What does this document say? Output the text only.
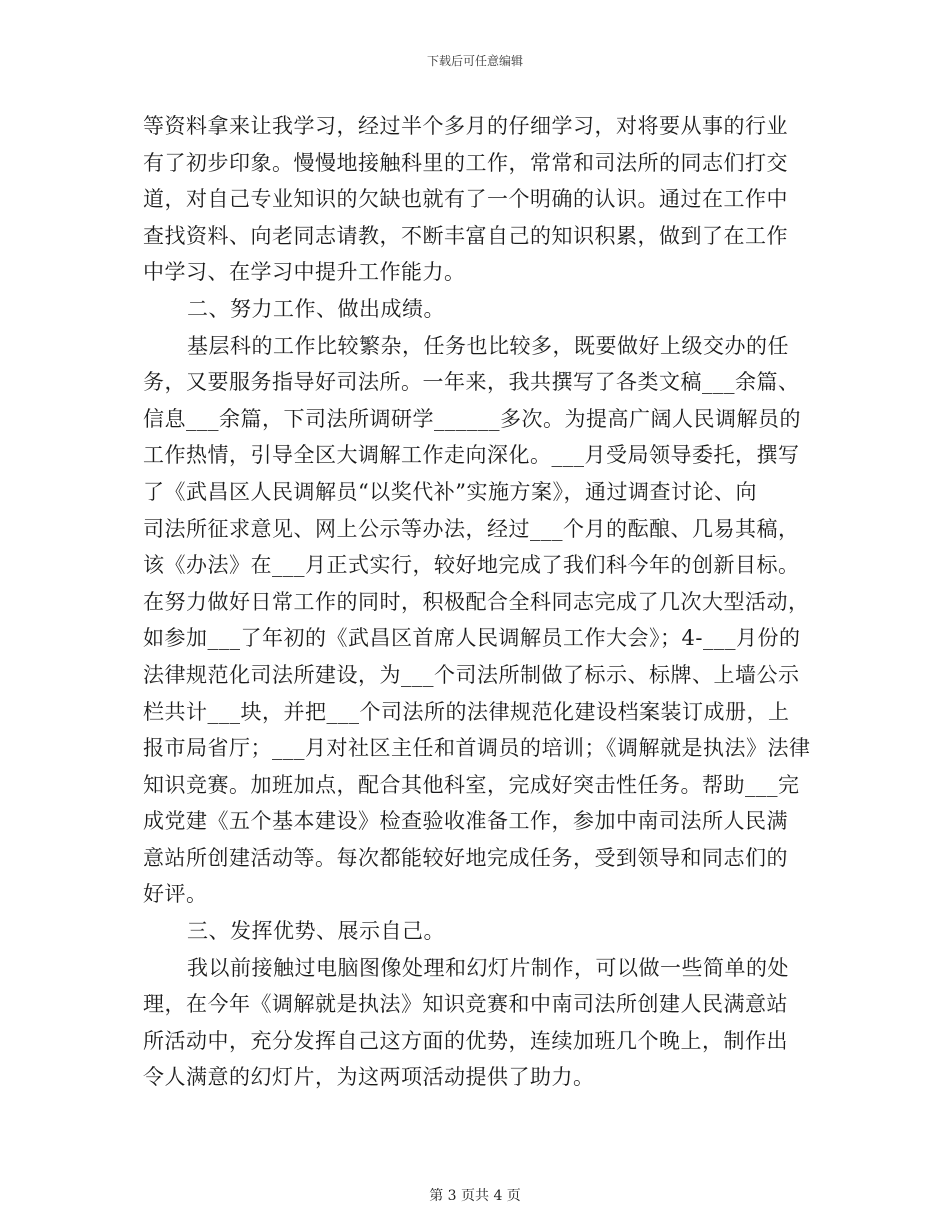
下载后可任意编辑
等资料拿来让我学习，经过半个多月的仔细学习，对将要从事的行业
有了初步印象。慢慢地接触科里的工作，常常和司法所的同志们打交
道，对自己专业知识的欠缺也就有了一个明确的认识。通过在工作中
查找资料、向老同志请教，不断丰富自己的知识积累，做到了在工作
中学习、在学习中提升工作能力。
二、努力工作、做出成绩。
基层科的工作比较繁杂，任务也比较多，既要做好上级交办的任
务，又要服务指导好司法所。一年来，我共撰写了各类文稿___余篇、
信息___余篇，下司法所调研学______多次。为提高广阔人民调解员的
工作热情，引导全区大调解工作走向深化。___月受局领导委托，撰写
了《武昌区人民调解员“以奖代补”实施方案》，通过调查讨论、向
司法所征求意见、网上公示等办法，经过___个月的酝酿、几易其稿，
该《办法》在___月正式实行，较好地完成了我们科今年的创新目标。
在努力做好日常工作的同时，积极配合全科同志完成了几次大型活动，
如参加___了年初的《武昌区首席人民调解员工作大会》；4-___月份的
法律规范化司法所建设，为___个司法所制做了标示、标牌、上墙公示
栏共计___块，并把___个司法所的法律规范化建设档案装订成册，上
报市局省厅；___月对社区主任和首调员的培训；《调解就是执法》法律
知识竞赛。加班加点，配合其他科室，完成好突击性任务。帮助___完
成党建《五个基本建设》检查验收准备工作，参加中南司法所人民满
意站所创建活动等。每次都能较好地完成任务，受到领导和同志们的
好评。
三、发挥优势、展示自己。
我以前接触过电脑图像处理和幻灯片制作，可以做一些简单的处
理，在今年《调解就是执法》知识竞赛和中南司法所创建人民满意站
所活动中，充分发挥自己这方面的优势，连续加班几个晚上，制作出
令人满意的幻灯片，为这两项活动提供了助力。
第 3 页共 4 页
